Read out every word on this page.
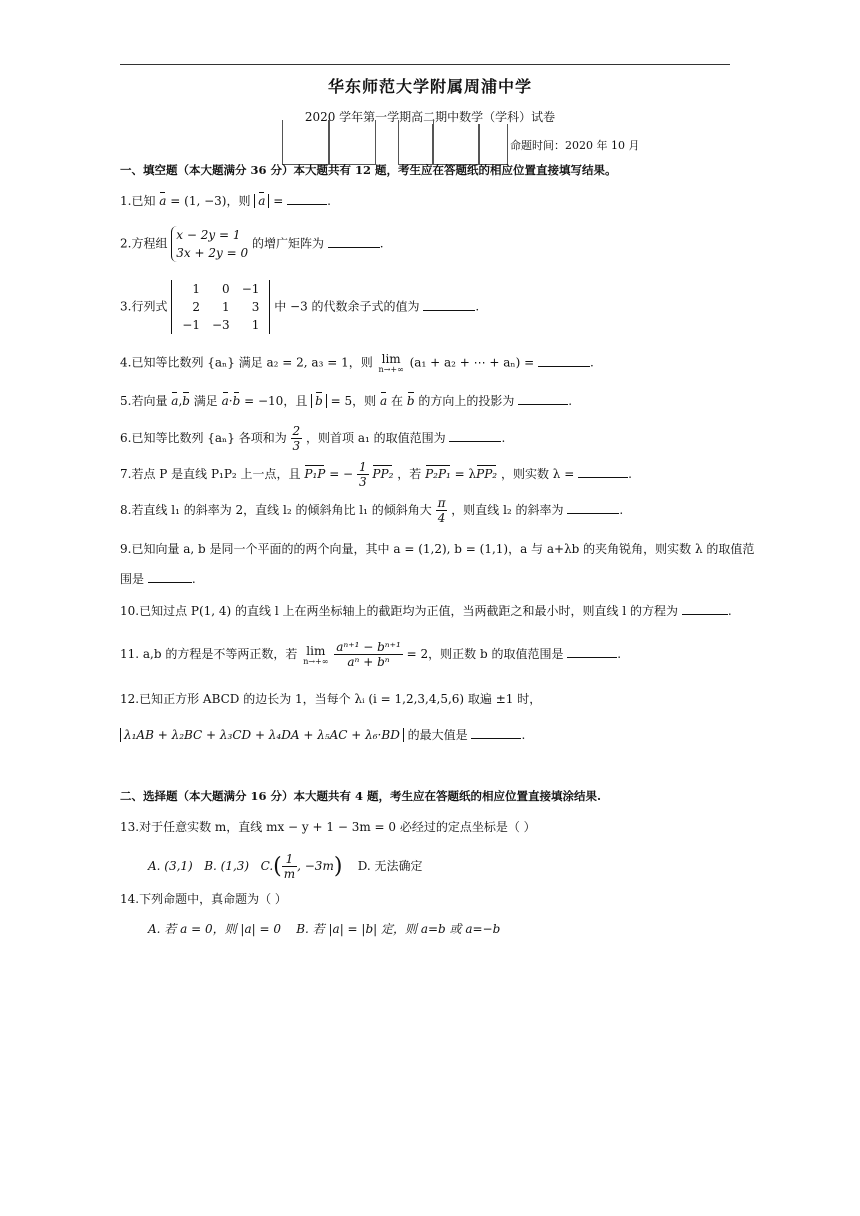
华东师范大学附属周浦中学
2020 学年第一学期高二期中数学（学科）试卷
命题时间：2020 年 10 月
一、填空题（本大题满分 36 分）本大题共有 12 题，考生应在答题纸的相应位置直接填写结果。
1.已知 a = (1, −3)，则 a =	.
2.方程组
x − 2y = 1
3x + 2y = 0
的增广矩阵为	.
3.行列式
1	0	−1
2	1	3
−1	−3	1
中 −3 的代数余子式的值为	.
4.已知等比数列 {aₙ} 满足 a₂ = 2, a₃ = 1，则 lim
n→+∞ (a₁ + a₂ + ⋯ + aₙ) =	.
5.若向量 a,b 满足 a·b = −10，且 b = 5，则 a 在 b 的方向上的投影为	.
6.已知等比数列 {aₙ} 各项和为 $\frac{2}{3}$ ，则首项 a₁ 的取值范围为	.
7.若点 P 是直线 P₁P₂ 上一点，且 P₁P = − $\frac{1}{3} PP_2$ ，若 P₂P₁ = λPP₂ ，则实数 λ =	.
8.若直线 l₁ 的斜率为 2，直线 l₂ 的倾斜角比 l₁ 的倾斜角大 $\frac{\pi}{4}$ ，则直线 l₂ 的斜率为	.
9.已知向量 a, b 是同一个平面的的两个向量，其中 a = (1,2), b = (1,1)，a 与 a+λb 的夹角锐角，则实数 λ 的取值范
围是	.
10.已知过点 P(1, 4) 的直线 l 上在两坐标轴上的截距均为正值，当两截距之和最小时，则直线 l 的方程为	.
11. a,b 的方程是不等两正数，若 lim
n→+∞
$\frac{\text{aⁿ⁺¹ − bⁿ⁺¹}}{\text{aⁿ + bⁿ}} = 2$，则正数 b 的取值范围是	.
12.已知正方形 ABCD 的边长为 1，当每个 λᵢ (i = 1,2,3,4,5,6) 取遍 ±1 时，
λ₁AB + λ₂BC + λ₃CD + λ₄DA + λ₅AC + λ₆·BD 的最大值是	.
二、选择题（本大题满分 16 分）本大题共有 4 题，考生应在答题纸的相应位置直接填涂结果.
13.对于任意实数 m，直线 mx − y + 1 − 3m = 0 必经过的定点坐标是（ ）
A. (3,1) B. (1,3) $C.( \frac{1}{m}$ , −3m) D. 无法确定
14.下列命题中，真命题为（ ）
A. 若 a = 0，则 |a| = 0 B. 若 |a| = |b| 定，则 a=b 或 a=−b
